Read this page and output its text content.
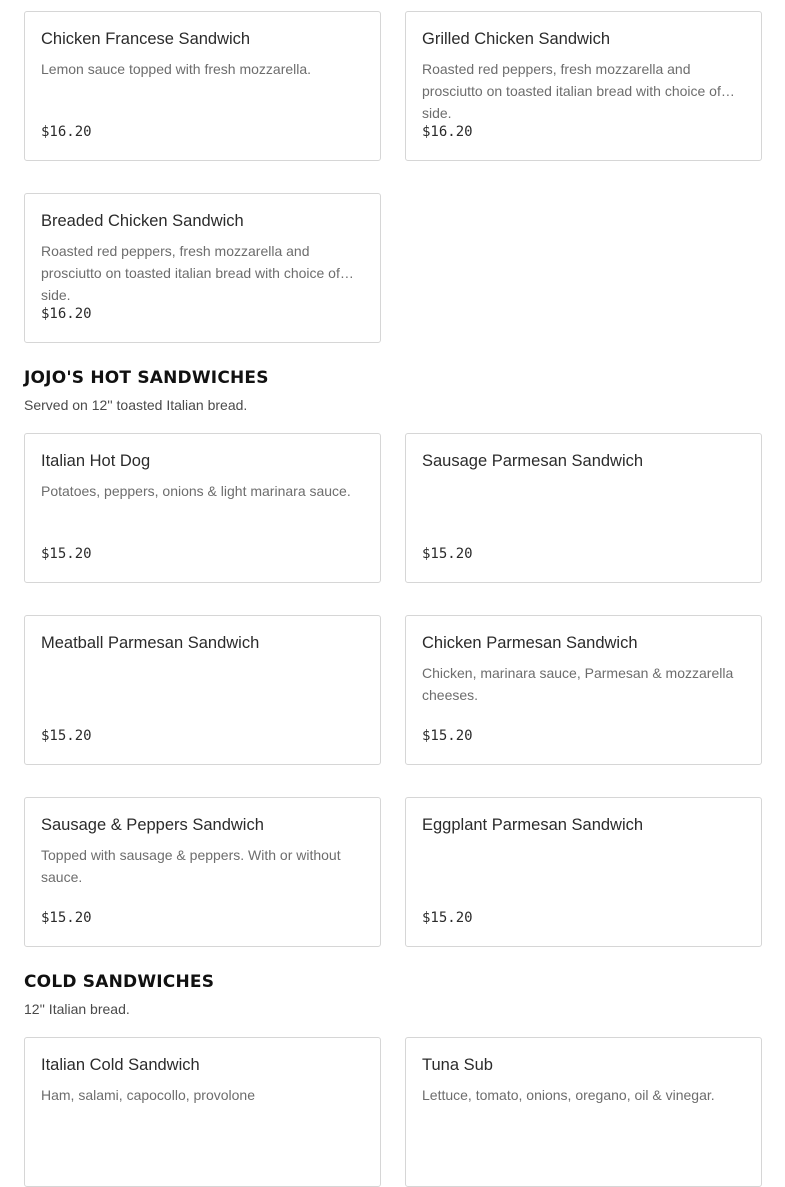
Chicken Francese Sandwich
Lemon sauce topped with fresh mozzarella.
$16.20
Grilled Chicken Sandwich
Roasted red peppers, fresh mozzarella and prosciutto on toasted italian bread with choice of side.
$16.20
Breaded Chicken Sandwich
Roasted red peppers, fresh mozzarella and prosciutto on toasted italian bread with choice of side.
$16.20
JOJO'S HOT SANDWICHES
Served on 12'' toasted Italian bread.
Italian Hot Dog
Potatoes, peppers, onions & light marinara sauce.
$15.20
Sausage Parmesan Sandwich
$15.20
Meatball Parmesan Sandwich
$15.20
Chicken Parmesan Sandwich
Chicken, marinara sauce, Parmesan & mozzarella cheeses.
$15.20
Sausage & Peppers Sandwich
Topped with sausage & peppers. With or without sauce.
$15.20
Eggplant Parmesan Sandwich
$15.20
COLD SANDWICHES
12'' Italian bread.
Italian Cold Sandwich
Ham, salami, capocollo, provolone
Tuna Sub
Lettuce, tomato, onions, oregano, oil & vinegar.
